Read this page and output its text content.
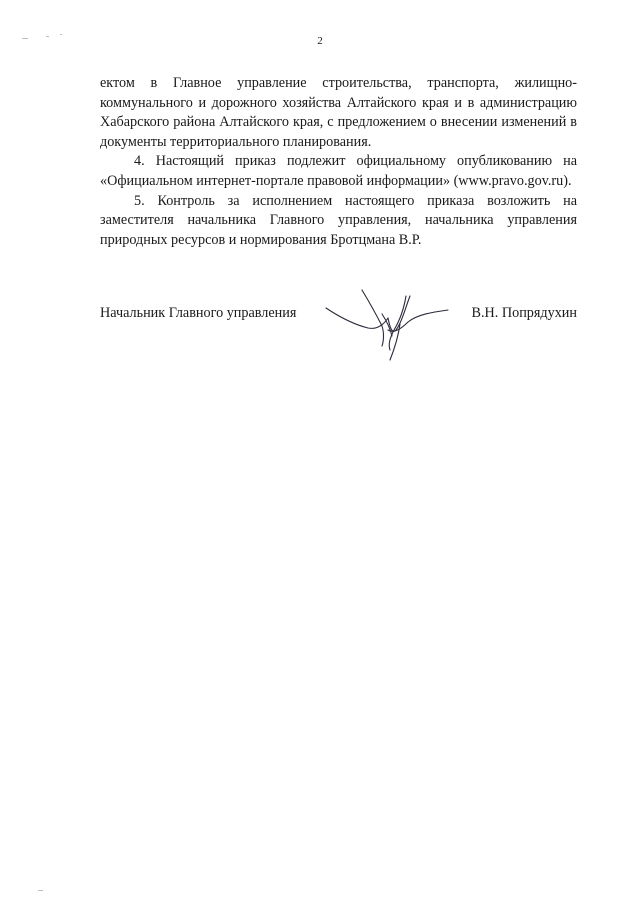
2

ектом в Главное управление строительства, транспорта, жилищно-коммунального и дорожного хозяйства Алтайского края и в администрацию Хабарского района Алтайского края, с предложением о внесении изменений в документы территориального планирования.

4. Настоящий приказ подлежит официальному опубликованию на «Официальном интернет-портале правовой информации» (www.pravo.gov.ru).

5. Контроль за исполнением настоящего приказа возложить на заместителя начальника Главного управления, начальника управления природных ресурсов и нормирования Бротцмана В.Р.

Начальник Главного управления	В.Н. Попрядухин
